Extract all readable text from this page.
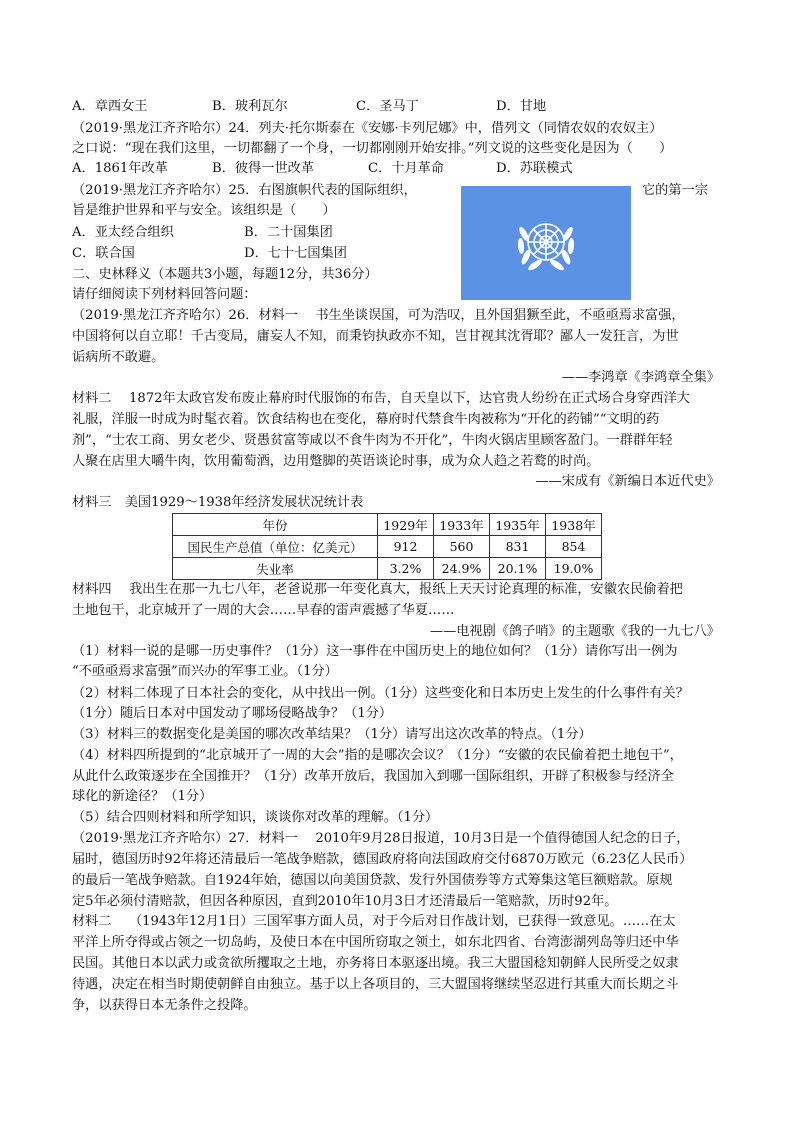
A．章西女王	B．玻利瓦尔	C．圣马丁	D．甘地
（2019·黑龙江齐齐哈尔）24．列夫·托尔斯泰在《安娜·卡列尼娜》中，借列文（同情农奴的农奴主）
之口说：“现在我们这里，一切都翻了一个身，一切都刚刚开始安排。”列文说的这些变化是因为（　　）
A．1861年改革	B．彼得一世改革	C．十月革命	D．苏联模式
（2019·黑龙江齐齐哈尔）25．右图旗帜代表的国际组织，	它的第一宗
旨是维护世界和平与安全。该组织是（　　）
A．亚太经合组织	B．二十国集团
C．联合国	D．七十七国集团
二、史林释义（本题共3小题，每题12分，共36分）
请仔细阅读下列材料回答问题：
（2019·黑龙江齐齐哈尔）26．材料一　 书生坐谈误国，可为浩叹，且外国猖獗至此，不亟亟焉求富强，
中国将何以自立耶！千古变局，庸妄人不知，而秉钧执政亦不知，岂甘视其沈胥耶？鄙人一发狂言，为世
诟病所不敢避。
——李鸿章《李鸿章全集》
材料二　 1872年太政官发布废止幕府时代服饰的布告，自天皇以下，达官贵人纷纷在正式场合身穿西洋大
礼服，洋服一时成为时髦衣着。饮食结构也在变化，幕府时代禁食牛肉被称为“开化的药铺”“文明的药
剂”，“士农工商、男女老少、贤愚贫富等咸以不食牛肉为不开化”，牛肉火锅店里顾客盈门。一群群年轻
人聚在店里大嚼牛肉，饮用葡萄酒，边用蹩脚的英语谈论时事，成为众人趋之若鹜的时尚。
——宋成有《新编日本近代史》
材料三　美国1929～1938年经济发展状况统计表
年份	1929年	1933年	1935年	1938年
国民生产总值（单位：亿美元）	912	560	831	854
失业率	3.2%	24.9%	20.1%	19.0%
材料四　 我出生在那一九七八年，老爸说那一年变化真大，报纸上天天讨论真理的标准，安徽农民偷着把
土地包干，北京城开了一周的大会……早春的雷声震撼了华夏……
——电视剧《鸽子哨》的主题歌《我的一九七八》
（1）材料一说的是哪一历史事件？（1分）这一事件在中国历史上的地位如何？（1分）请你写出一例为
“不亟亟焉求富强”而兴办的军事工业。（1分）
（2）材料二体现了日本社会的变化，从中找出一例。（1分）这些变化和日本历史上发生的什么事件有关？
（1分）随后日本对中国发动了哪场侵略战争？（1分）
（3）材料三的数据变化是美国的哪次改革结果？（1分）请写出这次改革的特点。（1分）
（4）材料四所提到的“北京城开了一周的大会”指的是哪次会议？（1分）“安徽的农民偷着把土地包干”，
从此什么政策逐步在全国推开？（1分）改革开放后，我国加入到哪一国际组织，开辟了积极参与经济全
球化的新途径？（1分）
（5）结合四则材料和所学知识，谈谈你对改革的理解。（1分）
（2019·黑龙江齐齐哈尔）27．材料一　 2010年9月28日报道，10月3日是一个值得德国人纪念的日子，
届时，德国历时92年将还清最后一笔战争赔款，德国政府将向法国政府交付6870万欧元（6.23亿人民币）
的最后一笔战争赔款。自1924年始，德国以向美国贷款、发行外国债券等方式筹集这笔巨额赔款。原规
定5年必须付清赔款，但因各种原因，直到2010年10月3日才还清最后一笔赔款，历时92年。
材料二　 （1943年12月1日）三国军事方面人员，对于今后对日作战计划，已获得一致意见。……在太
平洋上所夺得或占领之一切岛屿，及使日本在中国所窃取之领土，如东北四省、台湾澎湖列岛等归还中华
民国。其他日本以武力或贪欲所攫取之土地，亦务将日本驱逐出境。我三大盟国稔知朝鲜人民所受之奴隶
待遇，决定在相当时期使朝鲜自由独立。基于以上各项目的，三大盟国将继续坚忍进行其重大而长期之斗
争，以获得日本无条件之投降。
